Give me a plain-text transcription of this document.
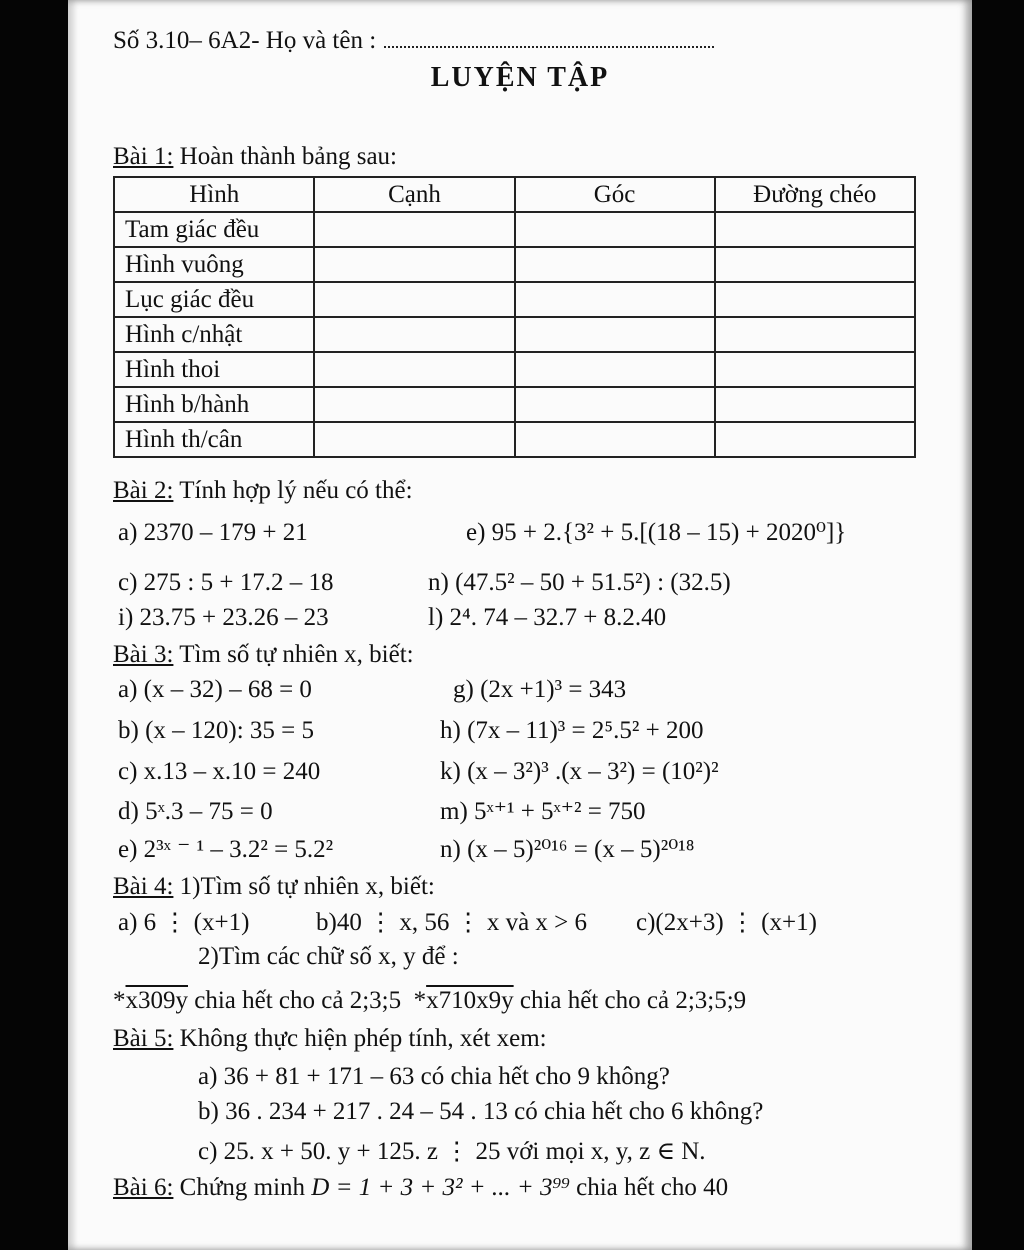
Số 3.10– 6A2- Họ và tên :
LUYỆN TẬP
Bài 1: Hoàn thành bảng sau:
Hình	Cạnh	Góc	Đường chéo
Tam giác đều			
Hình vuông			
Lục giác đều			
Hình c/nhật			
Hình thoi			
Hình b/hành			
Hình th/cân			
Bài 2: Tính hợp lý nếu có thể:
a) 2370 – 179 + 21	e) 95 + 2.{3² + 5.[(18 – 15) + 2020⁰]}
c) 275 : 5 + 17.2 – 18	n) (47.5² – 50 + 51.5²) : (32.5)
i) 23.75 + 23.26 – 23	l) 2⁴. 74 – 32.7 + 8.2.40
Bài 3: Tìm số tự nhiên x, biết:
a) (x – 32) – 68 = 0	g) (2x +1)³ = 343
b) (x – 120): 35 = 5	h) (7x – 11)³ = 2⁵.5² + 200
c) x.13 – x.10 = 240	k) (x – 3²)³ .(x – 3²) = (10²)²
d) 5ˣ.3 – 75 = 0	m) 5ˣ⁺¹ + 5ˣ⁺² = 750
e) 2³ˣ ⁻ ¹ – 3.2² = 5.2²	n) (x – 5)²⁰¹⁶ = (x – 5)²⁰¹⁸
Bài 4: 1)Tìm số tự nhiên x, biết:
a) 6 ⋮ (x+1)	b)40 ⋮ x, 56 ⋮ x và x > 6 c)(2x+3) ⋮ (x+1)
2)Tìm các chữ số x, y để :
*x309y chia hết cho cả 2;3;5 *x710x9y chia hết cho cả 2;3;5;9
Bài 5: Không thực hiện phép tính, xét xem:
a) 36 + 81 + 171 – 63 có chia hết cho 9 không?
b) 36 . 234 + 217 . 24 – 54 . 13 có chia hết cho 6 không?
c) 25. x + 50. y + 125. z ⋮ 25 với mọi x, y, z ∈ N.
Bài 6: Chứng minh D = 1 + 3 + 3² + ... + 3⁹⁹ chia hết cho 40
